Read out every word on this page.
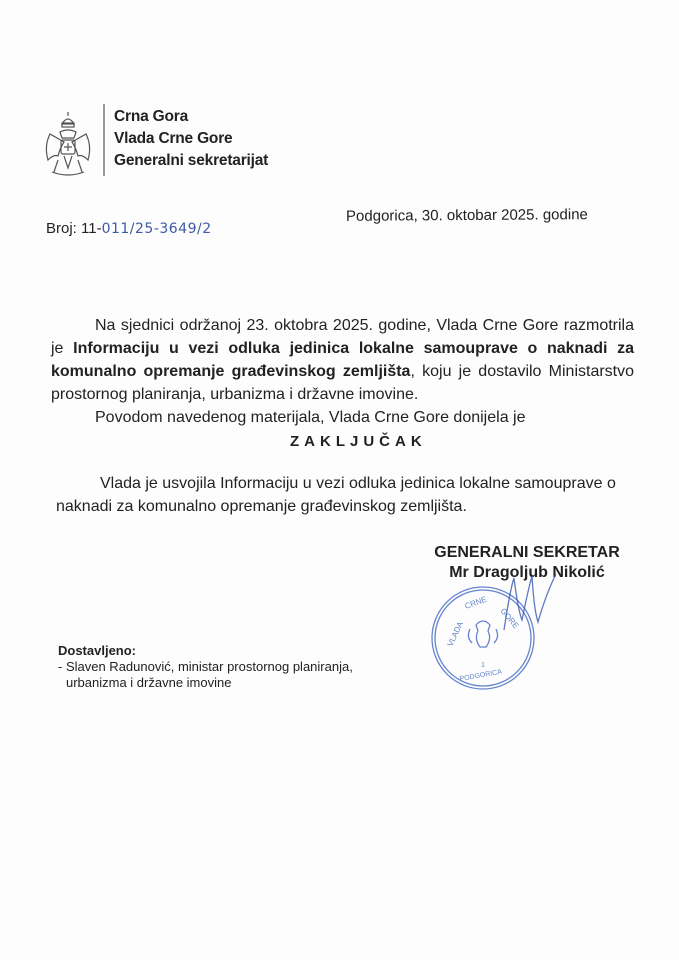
Crna Gora
Vlada Crne Gore
Generalni sekretarijat
Broj: 11-011/25-3649/2
Podgorica, 30. oktobar 2025. godine

Na sjednici održanoj 23. oktobra 2025. godine, Vlada Crne Gore razmotrila je Informaciju u vezi odluka jedinica lokalne samouprave o naknadi za komunalno opremanje građevinskog zemljišta, koju je dostavilo Ministarstvo prostornog planiranja, urbanizma i državne imovine.

Povodom navedenog materijala, Vlada Crne Gore donijela je

ZAKLJUČAK

Vlada je usvojila Informaciju u vezi odluka jedinica lokalne samouprave o naknadi za komunalno opremanje građevinskog zemljišta.

GENERALNI SEKRETAR
Mr Dragoljub Nikolić
VLADA
CRNE
GORE
1
PODGORICA
Dostavljeno:
- Slaven Radunović, ministar prostornog planiranja,
urbanizma i državne imovine
